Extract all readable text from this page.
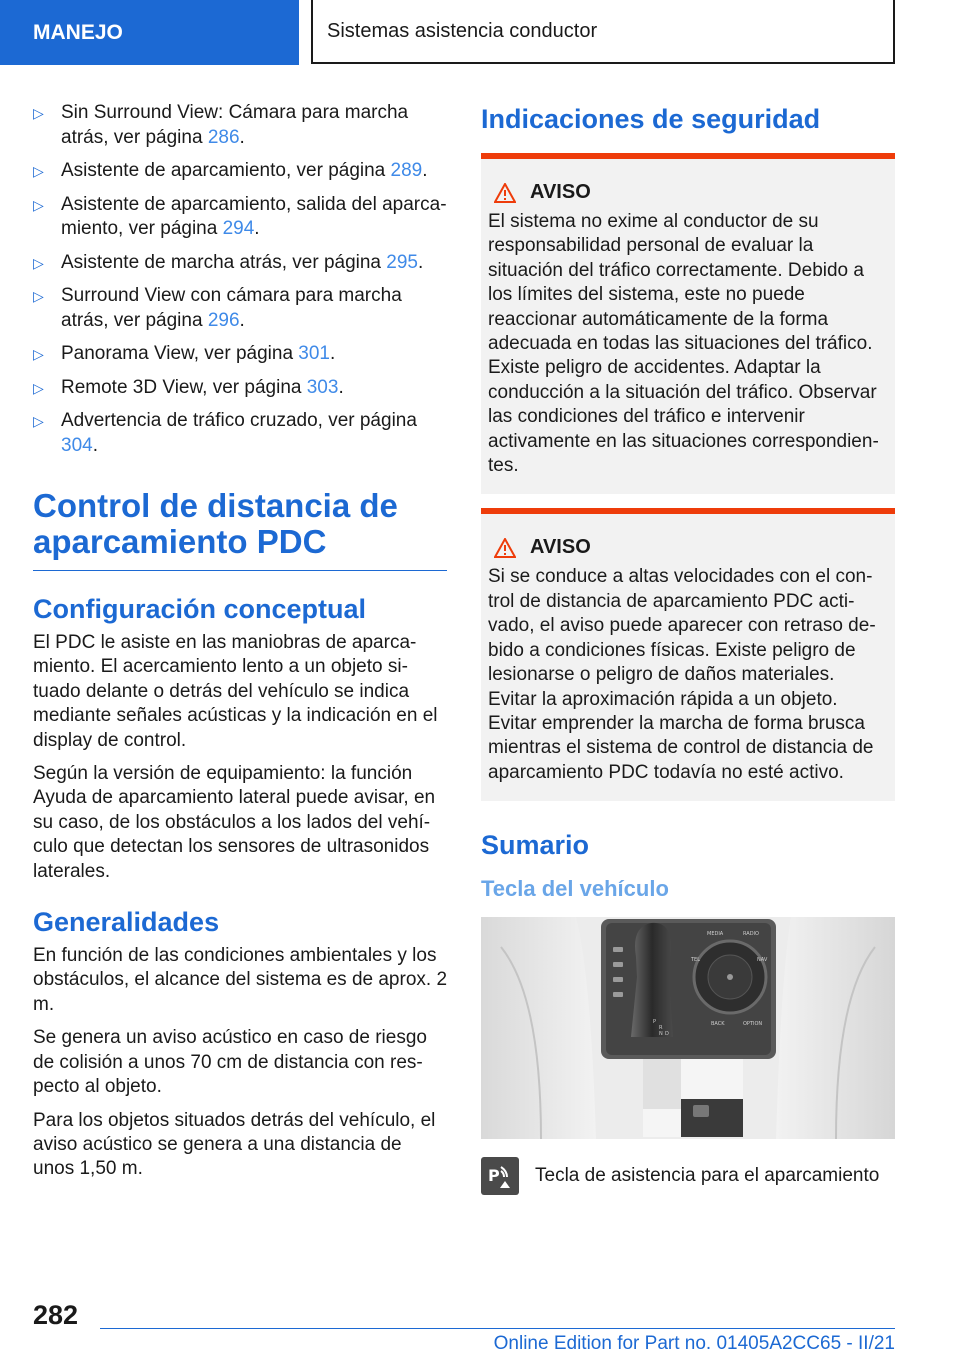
MANEJO	Sistemas asistencia conductor
▷ Sin Surround View: Cámara para marcha atrás, ver página 286.
▷ Asistente de aparcamiento, ver página 289.
▷ Asistente de aparcamiento, salida del aparcamiento, ver página 294.
▷ Asistente de marcha atrás, ver página 295.
▷ Surround View con cámara para marcha atrás, ver página 296.
▷ Panorama View, ver página 301.
▷ Remote 3D View, ver página 303.
▷ Advertencia de tráfico cruzado, ver página 304.
Control de distancia de aparcamiento PDC
Configuración conceptual

El PDC le asiste en las maniobras de aparcamiento. El acercamiento lento a un objeto situado delante o detrás del vehículo se indica mediante señales acústicas y la indicación en el display de control.

Según la versión de equipamiento: la función Ayuda de aparcamiento lateral puede avisar, en su caso, de los obstáculos a los lados del vehículo que detectan los sensores de ultrasonidos laterales.

Generalidades

En función de las condiciones ambientales y los obstáculos, el alcance del sistema es de aprox. 2 m.

Se genera un aviso acústico en caso de riesgo de colisión a unos 70 cm de distancia con respecto al objeto.

Para los objetos situados detrás del vehículo, el aviso acústico se genera a una distancia de unos 1,50 m.

Indicaciones de seguridad
AVISO
El sistema no exime al conductor de su responsabilidad personal de evaluar la situación del tráfico correctamente. Debido a los límites del sistema, este no puede reaccionar automáticamente de la forma adecuada en todas las situaciones del tráfico. Existe peligro de accidentes. Adaptar la conducción a la situación del tráfico. Observar las condiciones del tráfico e intervenir activamente en las situaciones correspondientes.
AVISO
Si se conduce a altas velocidades con el control de distancia de aparcamiento PDC activado, el aviso puede aparecer con retraso debido a condiciones físicas. Existe peligro de lesionarse o peligro de daños materiales. Evitar la aproximación rápida a un objeto. Evitar emprender la marcha de forma brusca mientras el sistema de control de distancia de aparcamiento PDC todavía no esté activo.
Sumario
Tecla del vehículo
MEDIA	RADIO
TEL	NAV
BACK	OPTION
P
R
N D
P Tecla de asistencia para el aparcamiento
282
Online Edition for Part no. 01405A2CC65 - II/21
